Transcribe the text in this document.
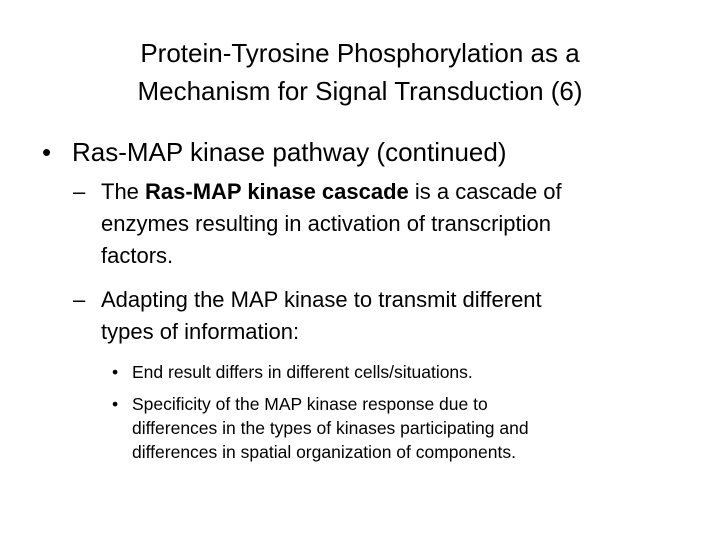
Protein-Tyrosine Phosphorylation as a
Mechanism for Signal Transduction (6)
• Ras-MAP kinase pathway (continued)
– The Ras-MAP kinase cascade is a cascade of
enzymes resulting in activation of transcription
factors.
– Adapting the MAP kinase to transmit different
types of information:
• End result differs in different cells/situations.
• Specificity of the MAP kinase response due to
differences in the types of kinases participating and
differences in spatial organization of components.
